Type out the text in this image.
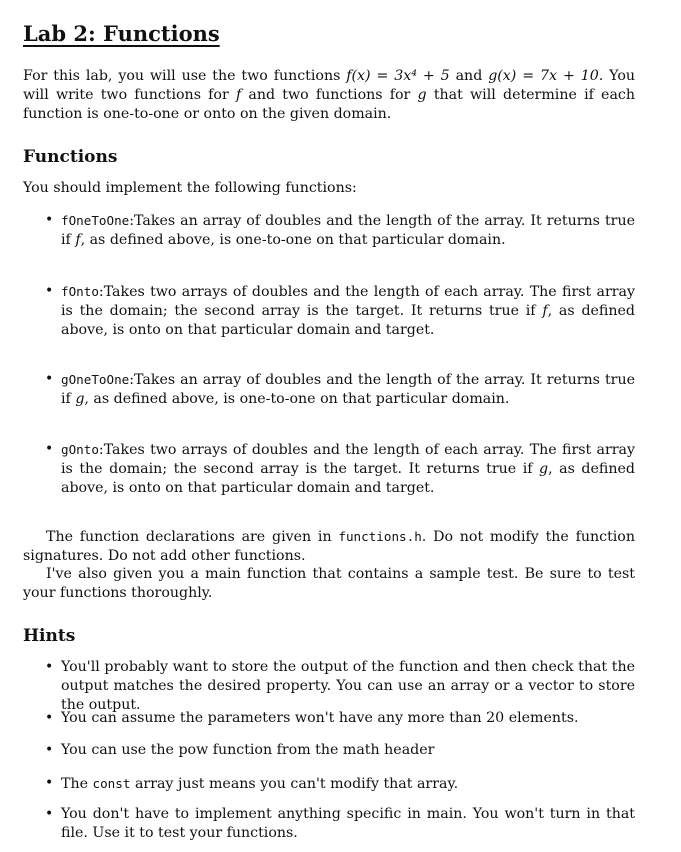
Lab 2: Functions
For this lab, you will use the two functions f(x) = 3x⁴ + 5 and g(x) = 7x + 10. You will write two functions for f and two functions for g that will determine if each function is one-to-one or onto on the given domain.
Functions
You should implement the following functions:
• fOneToOne:Takes an array of doubles and the length of the array. It returns true if f, as defined above, is one-to-one on that particular domain.
• fOnto:Takes two arrays of doubles and the length of each array. The first array is the domain; the second array is the target. It returns true if f, as defined above, is onto on that particular domain and target.
• gOneToOne:Takes an array of doubles and the length of the array. It returns true if g, as defined above, is one-to-one on that particular domain.
• gOnto:Takes two arrays of doubles and the length of each array. The first array is the domain; the second array is the target. It returns true if g, as defined above, is onto on that particular domain and target.
The function declarations are given in functions.h. Do not modify the function signatures. Do not add other functions.
I've also given you a main function that contains a sample test. Be sure to test your functions thoroughly.
Hints
• You'll probably want to store the output of the function and then check that the output matches the desired property. You can use an array or a vector to store the output.
• You can assume the parameters won't have any more than 20 elements.
• You can use the pow function from the math header
• The const array just means you can't modify that array.
• You don't have to implement anything specific in main. You won't turn in that file. Use it to test your functions.
